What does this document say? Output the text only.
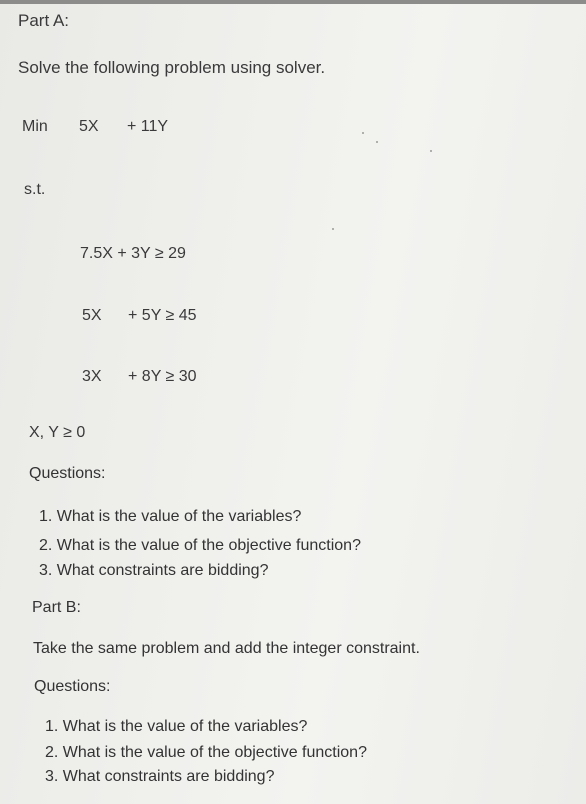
Part A:
Solve the following problem using solver.
Min 5X + 11Y
s.t.
7.5X + 3Y ≥ 29
5X + 5Y ≥ 45
3X + 8Y ≥ 30
X, Y ≥ 0
Questions:
1. What is the value of the variables?
2. What is the value of the objective function?
3. What constraints are bidding?
Part B:
Take the same problem and add the integer constraint.
Questions:
1. What is the value of the variables?
2. What is the value of the objective function?
3. What constraints are bidding?
